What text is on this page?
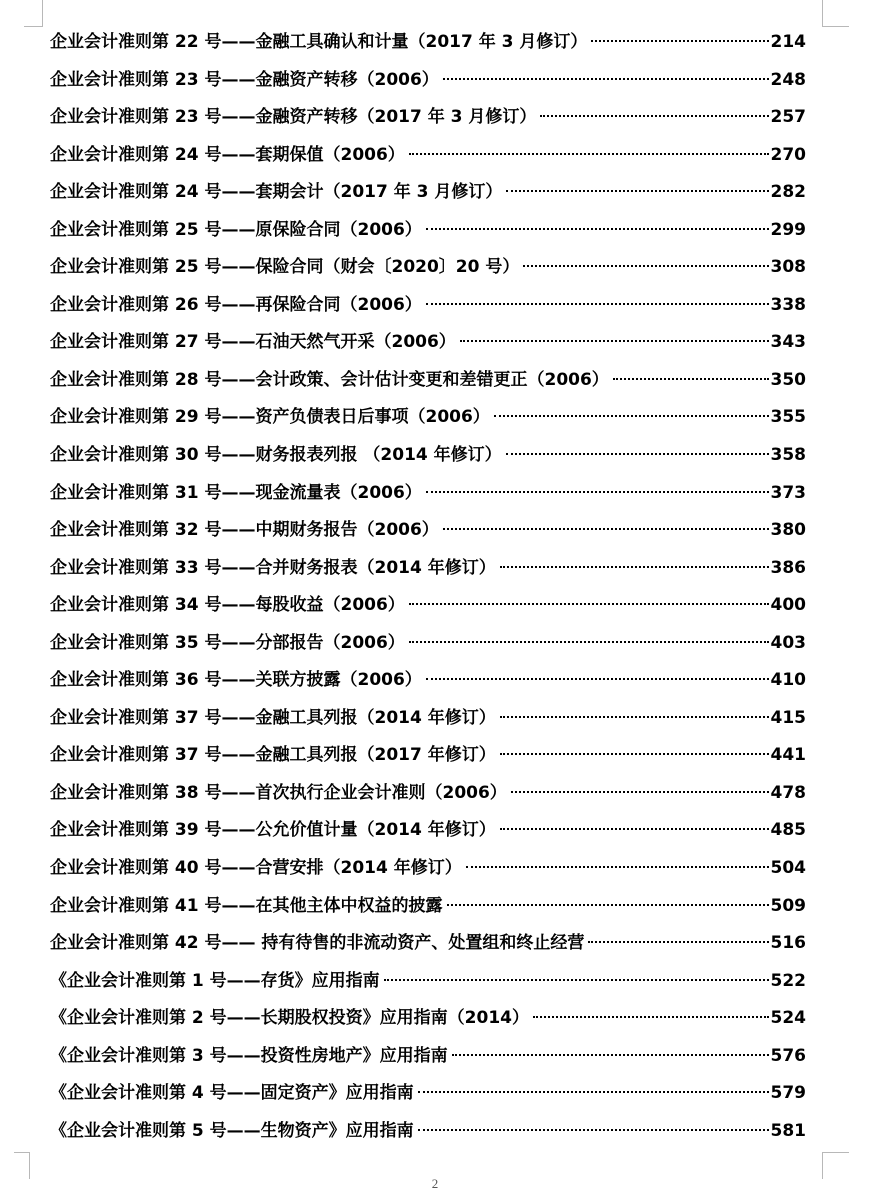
企业会计准则第 22 号——金融工具确认和计量（2017 年 3 月修订）	214
企业会计准则第 23 号——金融资产转移（2006）	248
企业会计准则第 23 号——金融资产转移（2017 年 3 月修订）	257
企业会计准则第 24 号——套期保值（2006）	270
企业会计准则第 24 号——套期会计（2017 年 3 月修订）	282
企业会计准则第 25 号——原保险合同（2006）	299
企业会计准则第 25 号——保险合同（财会〔2020〕20 号）	308
企业会计准则第 26 号——再保险合同（2006）	338
企业会计准则第 27 号——石油天然气开采（2006）	343
企业会计准则第 28 号——会计政策、会计估计变更和差错更正（2006）	350
企业会计准则第 29 号——资产负债表日后事项（2006）	355
企业会计准则第 30 号——财务报表列报 （2014 年修订）	358
企业会计准则第 31 号——现金流量表（2006）	373
企业会计准则第 32 号——中期财务报告（2006）	380
企业会计准则第 33 号——合并财务报表（2014 年修订）	386
企业会计准则第 34 号——每股收益（2006）	400
企业会计准则第 35 号——分部报告（2006）	403
企业会计准则第 36 号——关联方披露（2006）	410
企业会计准则第 37 号——金融工具列报（2014 年修订）	415
企业会计准则第 37 号——金融工具列报（2017 年修订）	441
企业会计准则第 38 号——首次执行企业会计准则（2006）	478
企业会计准则第 39 号——公允价值计量（2014 年修订）	485
企业会计准则第 40 号——合营安排（2014 年修订）	504
企业会计准则第 41 号——在其他主体中权益的披露	509
企业会计准则第 42 号—— 持有待售的非流动资产、处置组和终止经营	516
《企业会计准则第 1 号——存货》应用指南	522
《企业会计准则第 2 号——长期股权投资》应用指南（2014）	524
《企业会计准则第 3 号——投资性房地产》应用指南	576
《企业会计准则第 4 号——固定资产》应用指南	579
《企业会计准则第 5 号——生物资产》应用指南	581
2
